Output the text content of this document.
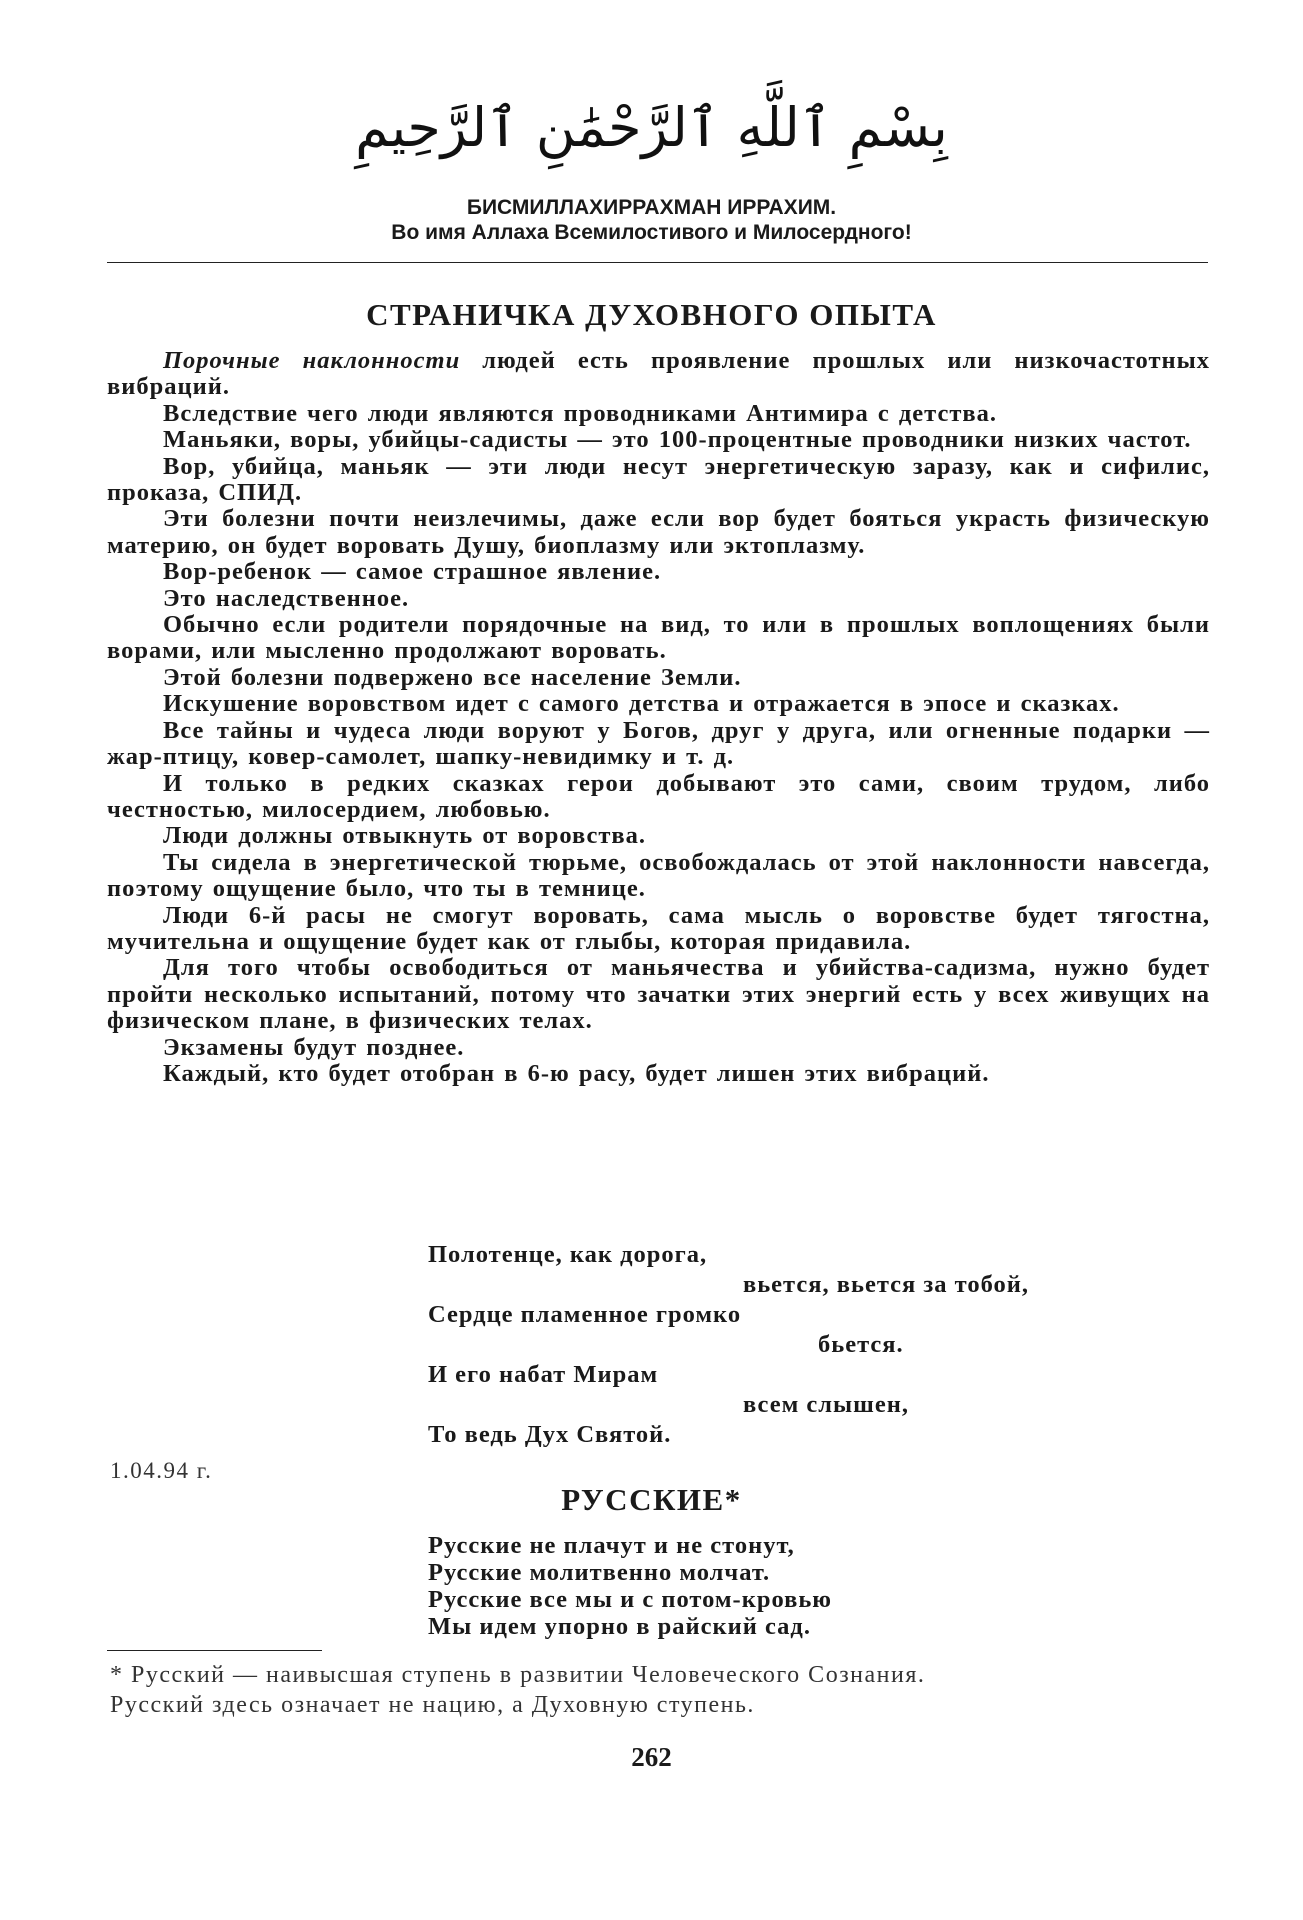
بِسْمِ ٱللَّهِ ٱلرَّحْمَٰنِ ٱلرَّحِيمِ
БИСМИЛЛАХИРРАХМАН ИРРАХИМ.
Во имя Аллаха Всемилостивого и Милосердного!
СТРАНИЧКА ДУХОВНОГО ОПЫТА

Порочные наклонности людей есть проявление прошлых или низкочастотных вибраций.

Вследствие чего люди являются проводниками Антимира с детства.

Маньяки, воры, убийцы-садисты — это 100-процентные проводники низких частот.

Вор, убийца, маньяк — эти люди несут энергетическую заразу, как и сифилис, проказа, СПИД.

Эти болезни почти неизлечимы, даже если вор будет бояться украсть физическую материю, он будет воровать Душу, биоплазму или эктоплазму.

Вор-ребенок — самое страшное явление.

Это наследственное.

Обычно если родители порядочные на вид, то или в прошлых воплощениях были ворами, или мысленно продолжают воровать.

Этой болезни подвержено все население Земли.

Искушение воровством идет с самого детства и отражается в эпосе и сказках.

Все тайны и чудеса люди воруют у Богов, друг у друга, или огненные подарки — жар-птицу, ковер-самолет, шапку-невидимку и т. д.

И только в редких сказках герои добывают это сами, своим трудом, либо честностью, милосердием, любовью.

Люди должны отвыкнуть от воровства.

Ты сидела в энергетической тюрьме, освобождалась от этой наклонности навсегда, поэтому ощущение было, что ты в темнице.

Люди 6-й расы не смогут воровать, сама мысль о воровстве будет тягостна, мучительна и ощущение будет как от глыбы, которая придавила.

Для того чтобы освободиться от маньячества и убийства-садизма, нужно будет пройти несколько испытаний, потому что зачатки этих энергий есть у всех живущих на физическом плане, в физических телах.

Экзамены будут позднее.

Каждый, кто будет отобран в 6-ю расу, будет лишен этих вибраций.

Полотенце, как дорога,
вьется, вьется за тобой,
Сердце пламенное громко
бьется.
И его набат Мирам
всем слышен,
То ведь Дух Святой.
1.04.94 г.
РУССКИЕ*
Русские не плачут и не стонут,
Русские молитвенно молчат.
Русские все мы и с потом-кровью
Мы идем упорно в райский сад.
* Русский — наивысшая ступень в развитии Человеческого Сознания.
Русский здесь означает не нацию, а Духовную ступень.
262
